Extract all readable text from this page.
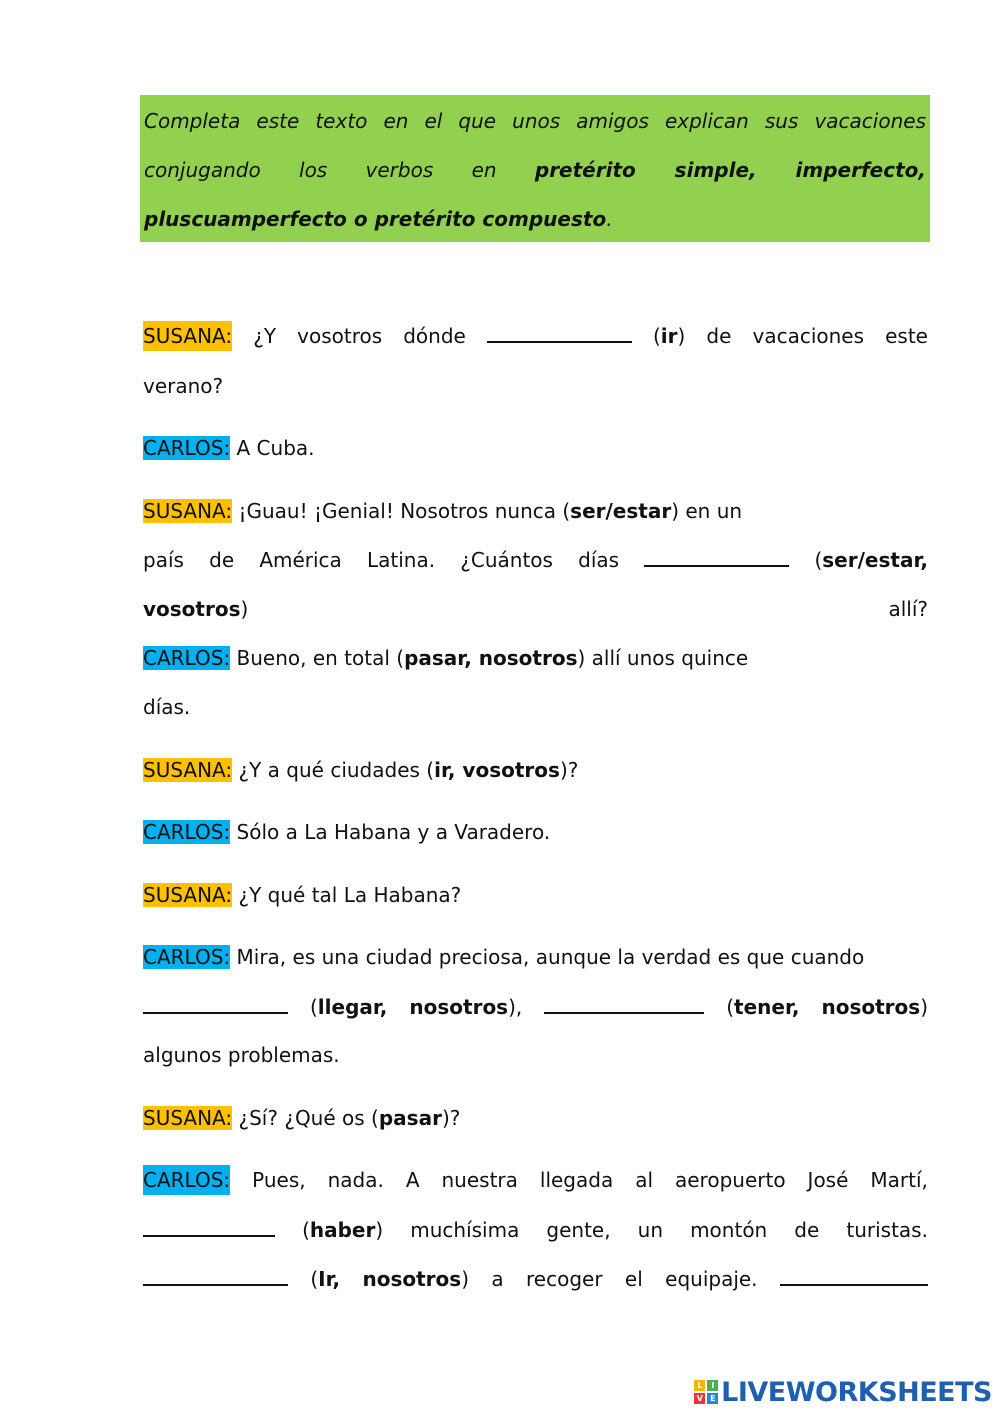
Completa este texto en el que unos amigos explican sus vacaciones conjugando los verbos en pretérito simple, imperfecto, pluscuamperfecto o pretérito compuesto.
SUSANA: ¿Y vosotros dónde	(ir) de vacaciones este
verano?
CARLOS: A Cuba.
SUSANA: ¡Guau! ¡Genial! Nosotros nunca (ser/estar) en un
país de América Latina. ¿Cuántos días	(ser/estar,
vosotros)	allí?
CARLOS: Bueno, en total (pasar, nosotros) allí unos quince
días.
SUSANA: ¿Y a qué ciudades (ir, vosotros)?
CARLOS: Sólo a La Habana y a Varadero.
SUSANA: ¿Y qué tal La Habana?
CARLOS: Mira, es una ciudad preciosa, aunque la verdad es que cuando
(llegar, nosotros),	(tener, nosotros)
algunos problemas.
SUSANA: ¿Sí? ¿Qué os (pasar)?
CARLOS: Pues, nada. A nuestra llegada al aeropuerto José Martí,
(haber) muchísima gente, un montón de turistas.
(Ir, nosotros) a recoger el equipaje.
L	I
V E LIVEWORKSHEETS
